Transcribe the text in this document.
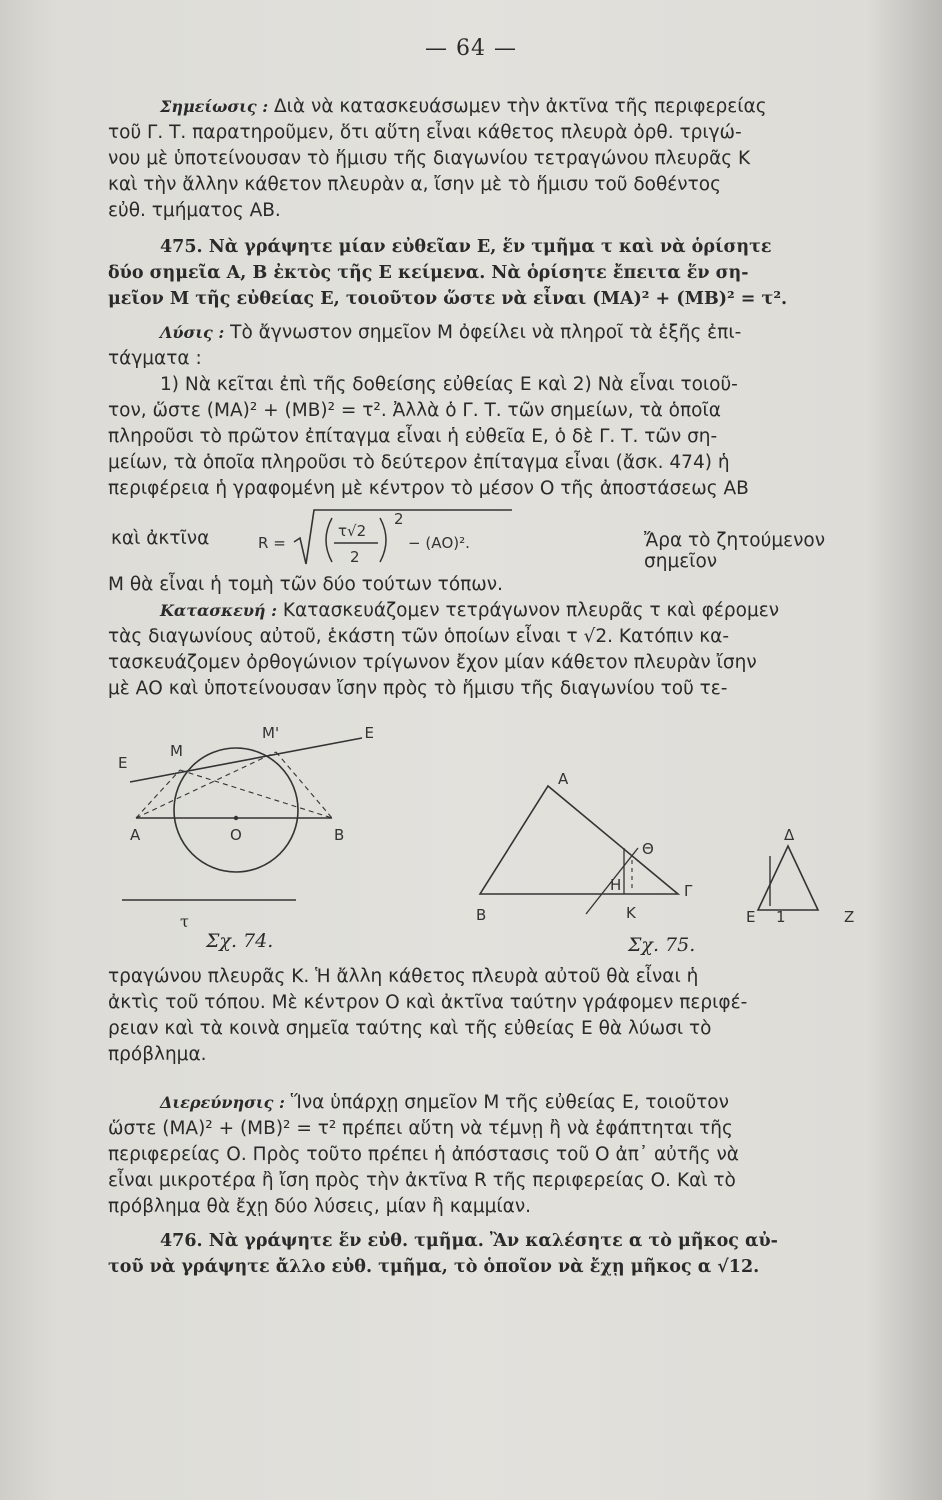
— 64 —
Σημείωσις : Διὰ νὰ κατασκευάσωμεν τὴν ἀκτῖνα τῆς περιφερείας
τοῦ Γ. Τ. παρατηροῦμεν, ὅτι αὕτη εἶναι κάθετος πλευρὰ ὀρθ. τριγώ-
νου μὲ ὑποτείνουσαν τὸ ἥμισυ τῆς διαγωνίου τετραγώνου πλευρᾶς Κ
καὶ τὴν ἄλλην κάθετον πλευρὰν α, ἴσην μὲ τὸ ἥμισυ τοῦ δοθέντος
εὐθ. τμήματος ΑΒ.
475. Νὰ γράψητε μίαν εὐθεῖαν Ε, ἕν τμῆμα τ καὶ νὰ ὁρίσητε
δύο σημεῖα Α, Β ἐκτὸς τῆς Ε κείμενα. Νὰ ὁρίσητε ἔπειτα ἕν ση-
μεῖον Μ τῆς εὐθείας Ε, τοιοῦτον ὥστε νὰ εἶναι (ΜΑ)² + (ΜΒ)² = τ².
Λύσις : Τὸ ἄγνωστον σημεῖον Μ ὀφείλει νὰ πληροῖ τὰ ἑξῆς ἐπι-
τάγματα :
1) Νὰ κεῖται ἐπὶ τῆς δοθείσης εὐθείας Ε καὶ 2) Νὰ εἶναι τοιοῦ-
τον, ὥστε (ΜΑ)² + (ΜΒ)² = τ². Ἀλλὰ ὁ Γ. Τ. τῶν σημείων, τὰ ὁποῖα
πληροῦσι τὸ πρῶτον ἐπίταγμα εἶναι ἡ εὐθεῖα Ε, ὁ δὲ Γ. Τ. τῶν ση-
μείων, τὰ ὁποῖα πληροῦσι τὸ δεύτερον ἐπίταγμα εἶναι (ἄσκ. 474) ἡ
περιφέρεια ἡ γραφομένη μὲ κέντρον τὸ μέσον Ο τῆς ἀποστάσεως ΑΒ
καὶ ἀκτῖνα	R =
τ√2
2
2
− (ΑΟ)².	Ἄρα τὸ ζητούμενον σημεῖον
Μ θὰ εἶναι ἡ τομὴ τῶν δύο τούτων τόπων.
Κατασκευή : Κατασκευάζομεν τετράγωνον πλευρᾶς τ καὶ φέρομεν
τὰς διαγωνίους αὐτοῦ, ἑκάστη τῶν ὁποίων εἶναι τ √2. Κατόπιν κα-
τασκευάζομεν ὀρθογώνιον τρίγωνον ἔχον μίαν κάθετον πλευρὰν ἴσην
μὲ ΑΟ καὶ ὑποτείνουσαν ἴσην πρὸς τὸ ἥμισυ τῆς διαγωνίου τοῦ τε-
E
E
M
M'
A	O	B
τ
Σχ. 74.
A
B
Γ
Θ
H
K
Δ
E 1	Z
Σχ. 75.
τραγώνου πλευρᾶς Κ. Ἡ ἄλλη κάθετος πλευρὰ αὐτοῦ θὰ εἶναι ἡ
ἀκτὶς τοῦ τόπου. Μὲ κέντρον Ο καὶ ἀκτῖνα ταύτην γράφομεν περιφέ-
ρειαν καὶ τὰ κοινὰ σημεῖα ταύτης καὶ τῆς εὐθείας Ε θὰ λύωσι τὸ
πρόβλημα.
Διερεύνησις : Ἵνα ὑπάρχῃ σημεῖον Μ τῆς εὐθείας Ε, τοιοῦτον
ὥστε (ΜΑ)² + (ΜΒ)² = τ² πρέπει αὕτη νὰ τέμνῃ ἢ νὰ ἐφάπτηται τῆς
περιφερείας Ο. Πρὸς τοῦτο πρέπει ἡ ἀπόστασις τοῦ Ο ἀπ᾿ αὐτῆς νὰ
εἶναι μικροτέρα ἢ ἴση πρὸς τὴν ἀκτῖνα R τῆς περιφερείας Ο. Καὶ τὸ
πρόβλημα θὰ ἔχῃ δύο λύσεις, μίαν ἢ καμμίαν.
476. Νὰ γράψητε ἕν εὐθ. τμῆμα. Ἂν καλέσητε α τὸ μῆκος αὐ-
τοῦ νὰ γράψητε ἄλλο εὐθ. τμῆμα, τὸ ὁποῖον νὰ ἔχῃ μῆκος α √12.
